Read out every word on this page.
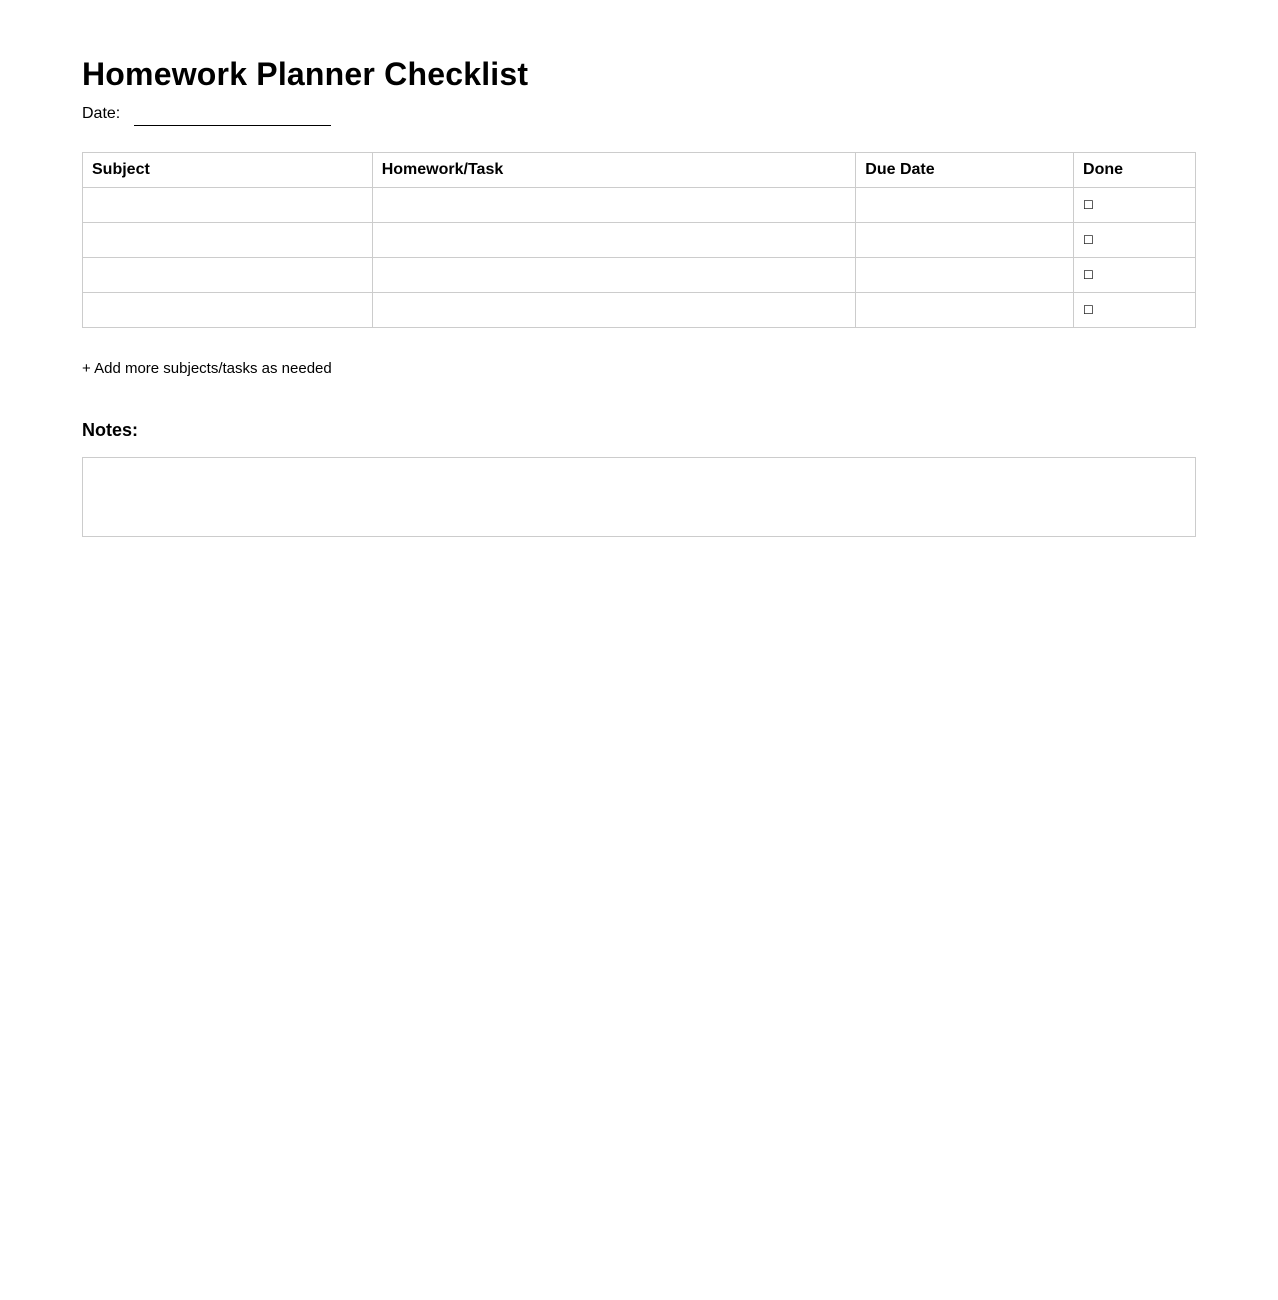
Homework Planner Checklist
Date:
Subject	Homework/Task	Due Date	Done
			☐
			☐
			☐
			☐
+ Add more subjects/tasks as needed
Notes:
